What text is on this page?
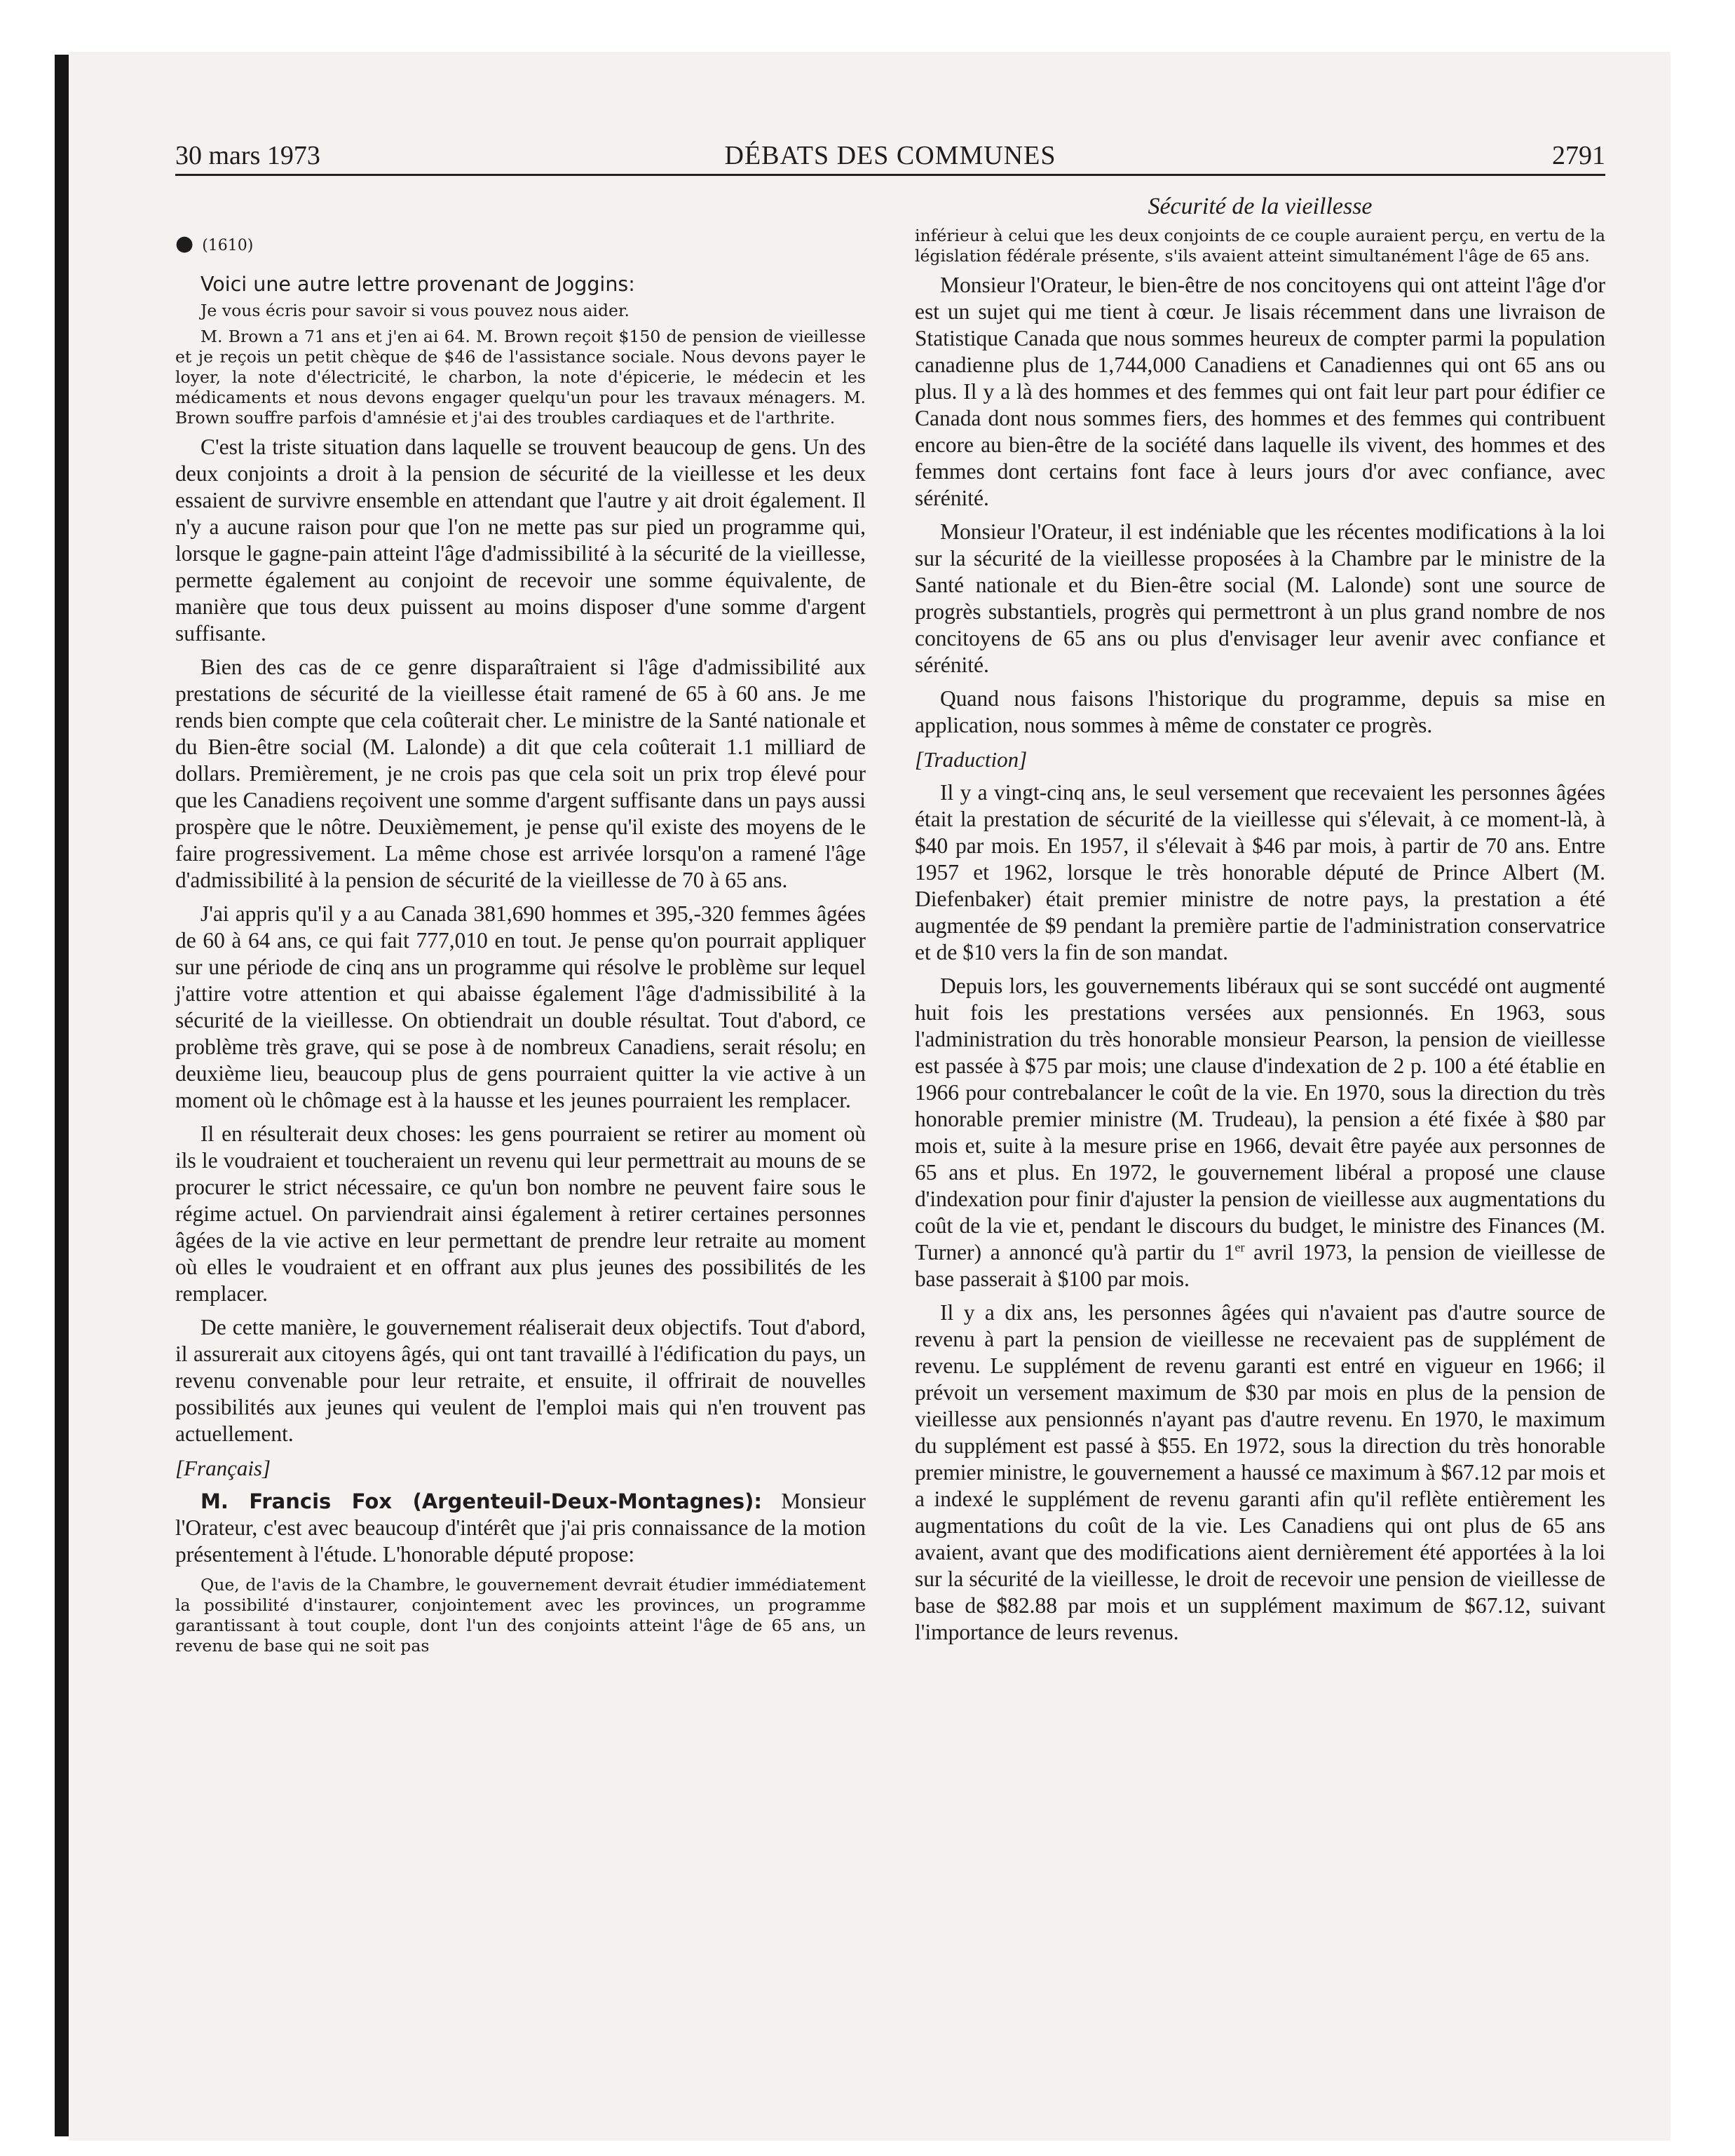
30 mars 1973	DÉBATS DES COMMUNES	2791
● (1610)

Voici une autre lettre provenant de Joggins:

Je vous écris pour savoir si vous pouvez nous aider.

M. Brown a 71 ans et j'en ai 64. M. Brown reçoit $150 de pension de vieillesse et je reçois un petit chèque de $46 de l'assistance sociale. Nous devons payer le loyer, la note d'électricité, le charbon, la note d'épicerie, le médecin et les médicaments et nous devons engager quelqu'un pour les travaux ménagers. M. Brown souffre parfois d'amnésie et j'ai des troubles cardiaques et de l'arthrite.

C'est la triste situation dans laquelle se trouvent beaucoup de gens. Un des deux conjoints a droit à la pension de sécurité de la vieillesse et les deux essaient de survivre ensemble en attendant que l'autre y ait droit également. Il n'y a aucune raison pour que l'on ne mette pas sur pied un programme qui, lorsque le gagne-pain atteint l'âge d'admissibilité à la sécurité de la vieillesse, permette également au conjoint de recevoir une somme équivalente, de manière que tous deux puissent au moins disposer d'une somme d'argent suffisante.

Bien des cas de ce genre disparaîtraient si l'âge d'admissibilité aux prestations de sécurité de la vieillesse était ramené de 65 à 60 ans. Je me rends bien compte que cela coûterait cher. Le ministre de la Santé nationale et du Bien-être social (M. Lalonde) a dit que cela coûterait 1.1 milliard de dollars. Premièrement, je ne crois pas que cela soit un prix trop élevé pour que les Canadiens reçoivent une somme d'argent suffisante dans un pays aussi prospère que le nôtre. Deuxièmement, je pense qu'il existe des moyens de le faire progressivement. La même chose est arrivée lorsqu'on a ramené l'âge d'admissibilité à la pension de sécurité de la vieillesse de 70 à 65 ans.

J'ai appris qu'il y a au Canada 381,690 hommes et 395,-320 femmes âgées de 60 à 64 ans, ce qui fait 777,010 en tout. Je pense qu'on pourrait appliquer sur une période de cinq ans un programme qui résolve le problème sur lequel j'attire votre attention et qui abaisse également l'âge d'admissibilité à la sécurité de la vieillesse. On obtiendrait un double résultat. Tout d'abord, ce problème très grave, qui se pose à de nombreux Canadiens, serait résolu; en deuxième lieu, beaucoup plus de gens pourraient quitter la vie active à un moment où le chômage est à la hausse et les jeunes pourraient les remplacer.

Il en résulterait deux choses: les gens pourraient se retirer au moment où ils le voudraient et toucheraient un revenu qui leur permettrait au mouns de se procurer le strict nécessaire, ce qu'un bon nombre ne peuvent faire sous le régime actuel. On parviendrait ainsi également à retirer certaines personnes âgées de la vie active en leur permettant de prendre leur retraite au moment où elles le voudraient et en offrant aux plus jeunes des possibilités de les remplacer.

De cette manière, le gouvernement réaliserait deux objectifs. Tout d'abord, il assurerait aux citoyens âgés, qui ont tant travaillé à l'édification du pays, un revenu convenable pour leur retraite, et ensuite, il offrirait de nouvelles possibilités aux jeunes qui veulent de l'emploi mais qui n'en trouvent pas actuellement.

[Français]

M. Francis Fox (Argenteuil-Deux-Montagnes): Monsieur l'Orateur, c'est avec beaucoup d'intérêt que j'ai pris connaissance de la motion présentement à l'étude. L'honorable député propose:

Que, de l'avis de la Chambre, le gouvernement devrait étudier immédiatement la possibilité d'instaurer, conjointement avec les provinces, un programme garantissant à tout couple, dont l'un des conjoints atteint l'âge de 65 ans, un revenu de base qui ne soit pas

Sécurité de la vieillesse

inférieur à celui que les deux conjoints de ce couple auraient perçu, en vertu de la législation fédérale présente, s'ils avaient atteint simultanément l'âge de 65 ans.

Monsieur l'Orateur, le bien-être de nos concitoyens qui ont atteint l'âge d'or est un sujet qui me tient à cœur. Je lisais récemment dans une livraison de Statistique Canada que nous sommes heureux de compter parmi la population canadienne plus de 1,744,000 Canadiens et Canadiennes qui ont 65 ans ou plus. Il y a là des hommes et des femmes qui ont fait leur part pour édifier ce Canada dont nous sommes fiers, des hommes et des femmes qui contribuent encore au bien-être de la société dans laquelle ils vivent, des hommes et des femmes dont certains font face à leurs jours d'or avec confiance, avec sérénité.

Monsieur l'Orateur, il est indéniable que les récentes modifications à la loi sur la sécurité de la vieillesse proposées à la Chambre par le ministre de la Santé nationale et du Bien-être social (M. Lalonde) sont une source de progrès substantiels, progrès qui permettront à un plus grand nombre de nos concitoyens de 65 ans ou plus d'envisager leur avenir avec confiance et sérénité.

Quand nous faisons l'historique du programme, depuis sa mise en application, nous sommes à même de constater ce progrès.

[Traduction]

Il y a vingt-cinq ans, le seul versement que recevaient les personnes âgées était la prestation de sécurité de la vieillesse qui s'élevait, à ce moment-là, à $40 par mois. En 1957, il s'élevait à $46 par mois, à partir de 70 ans. Entre 1957 et 1962, lorsque le très honorable député de Prince Albert (M. Diefenbaker) était premier ministre de notre pays, la prestation a été augmentée de $9 pendant la première partie de l'administration conservatrice et de $10 vers la fin de son mandat.

Depuis lors, les gouvernements libéraux qui se sont succédé ont augmenté huit fois les prestations versées aux pensionnés. En 1963, sous l'administration du très honorable monsieur Pearson, la pension de vieillesse est passée à $75 par mois; une clause d'indexation de 2 p. 100 a été établie en 1966 pour contrebalancer le coût de la vie. En 1970, sous la direction du très honorable premier ministre (M. Trudeau), la pension a été fixée à $80 par mois et, suite à la mesure prise en 1966, devait être payée aux personnes de 65 ans et plus. En 1972, le gouvernement libéral a proposé une clause d'indexation pour finir d'ajuster la pension de vieillesse aux augmentations du coût de la vie et, pendant le discours du budget, le ministre des Finances (M. Turner) a annoncé qu'à partir du 1er avril 1973, la pension de vieillesse de base passerait à $100 par mois.

Il y a dix ans, les personnes âgées qui n'avaient pas d'autre source de revenu à part la pension de vieillesse ne recevaient pas de supplément de revenu. Le supplément de revenu garanti est entré en vigueur en 1966; il prévoit un versement maximum de $30 par mois en plus de la pension de vieillesse aux pensionnés n'ayant pas d'autre revenu. En 1970, le maximum du supplément est passé à $55. En 1972, sous la direction du très honorable premier ministre, le gouvernement a haussé ce maximum à $67.12 par mois et a indexé le supplément de revenu garanti afin qu'il reflète entièrement les augmentations du coût de la vie. Les Canadiens qui ont plus de 65 ans avaient, avant que des modifications aient dernièrement été apportées à la loi sur la sécurité de la vieillesse, le droit de recevoir une pension de vieillesse de base de $82.88 par mois et un supplément maximum de $67.12, suivant l'importance de leurs revenus.
